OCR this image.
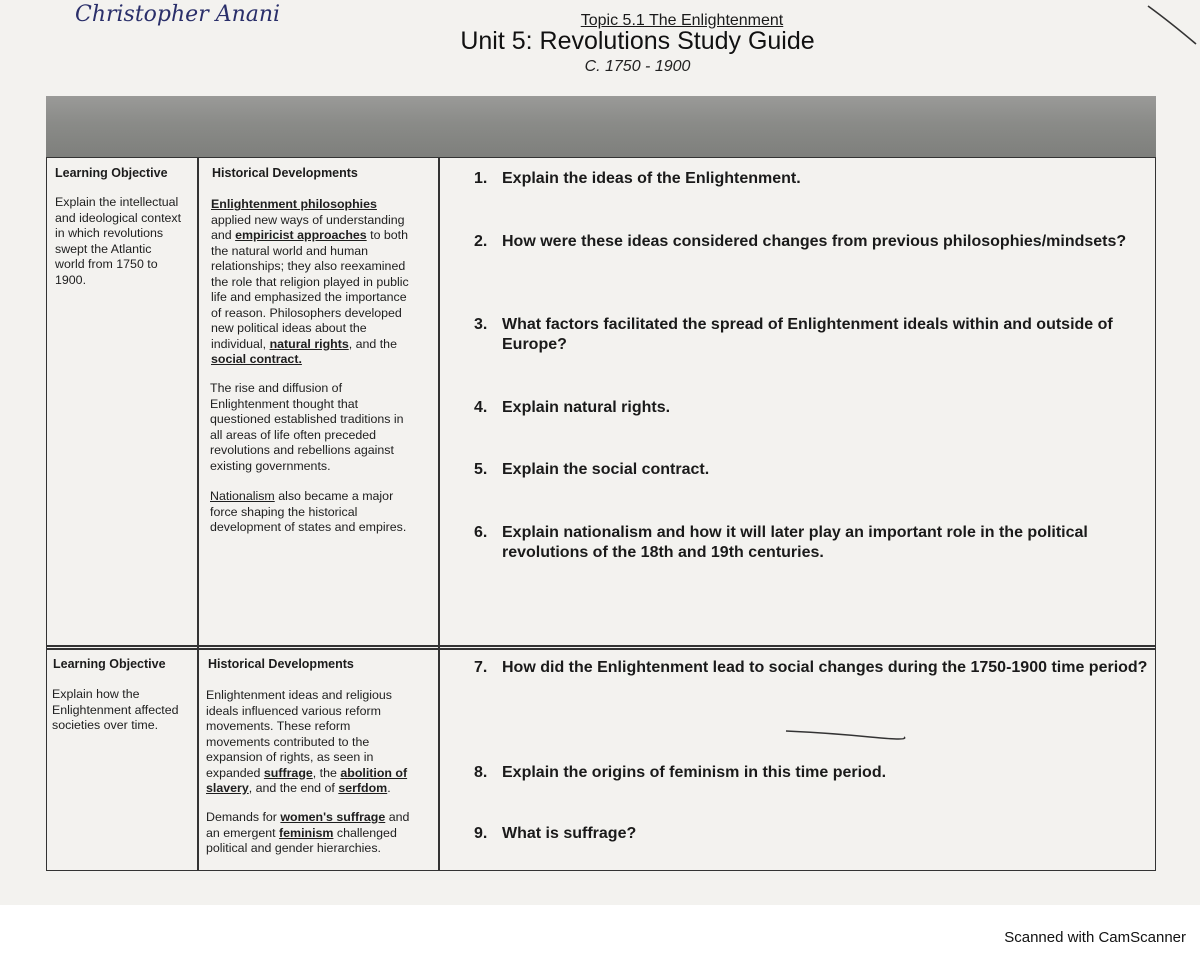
Christopher Anani
Unit 5: Revolutions Study Guide
C. 1750 - 1900
Topic 5.1 The Enlightenment
Learning Objective	Historical Developments
Explain the intellectual
and ideological context
in which revolutions
swept the Atlantic
world from 1750 to
1900.
Enlightenment philosophies
applied new ways of understanding
and empiricist approaches to both
the natural world and human
relationships; they also reexamined
the role that religion played in public
life and emphasized the importance
of reason. Philosophers developed
new political ideas about the
individual, natural rights, and the
social contract.
The rise and diffusion of
Enlightenment thought that
questioned established traditions in
all areas of life often preceded
revolutions and rebellions against
existing governments.
Nationalism also became a major
force shaping the historical
development of states and empires.
Learning Objective	Historical Developments
Explain how the
Enlightenment affected
societies over time.
Enlightenment ideas and religious
ideals influenced various reform
movements. These reform
movements contributed to the
expansion of rights, as seen in
expanded suffrage, the abolition of
slavery, and the end of serfdom.
Demands for women's suffrage and
an emergent feminism challenged
political and gender hierarchies.
1. Explain the ideas of the Enlightenment.
2. How were these ideas considered changes from previous philosophies/mindsets?
3. What factors facilitated the spread of Enlightenment ideals within and outside of Europe?
4. Explain natural rights.
5. Explain the social contract.
6. Explain nationalism and how it will later play an important role in the political revolutions of the 18th and 19th centuries.
7. How did the Enlightenment lead to social changes during the 1750-1900 time period?
8. Explain the origins of feminism in this time period.
9. What is suffrage?
Scanned with CamScanner
